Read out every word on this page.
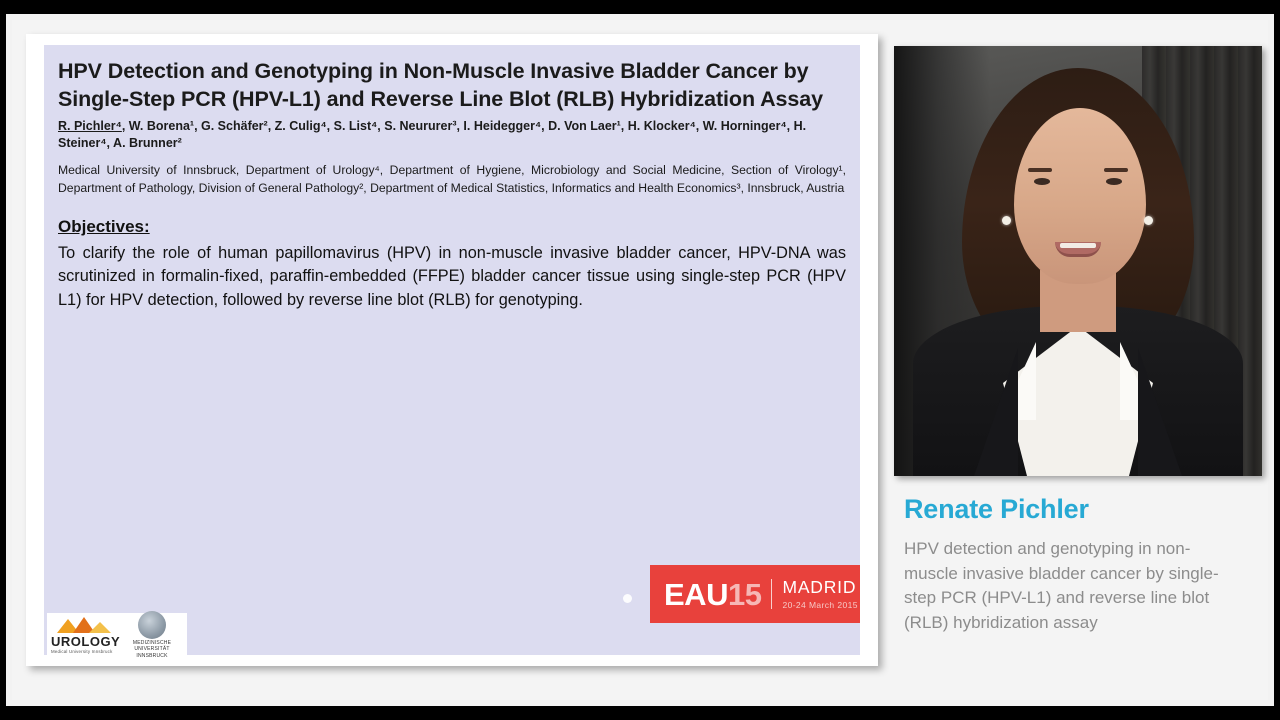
HPV Detection and Genotyping in Non-Muscle Invasive Bladder Cancer by Single-Step PCR (HPV-L1) and Reverse Line Blot (RLB) Hybridization Assay

R. Pichler⁴, W. Borena¹, G. Schäfer², Z. Culig⁴, S. List⁴, S. Neururer³, I. Heidegger⁴, D. Von Laer¹, H. Klocker⁴, W. Horninger⁴, H. Steiner⁴, A. Brunner²

Medical University of Innsbruck, Department of Urology⁴, Department of Hygiene, Microbiology and Social Medicine, Section of Virology¹, Department of Pathology, Division of General Pathology², Department of Medical Statistics, Informatics and Health Economics³, Innsbruck, Austria

Objectives:

To clarify the role of human papillomavirus (HPV) in non-muscle invasive bladder cancer, HPV-DNA was scrutinized in formalin-fixed, paraffin-embedded (FFPE) bladder cancer tissue using single-step PCR (HPV L1) for HPV detection, followed by reverse line blot (RLB) for genotyping.

EAU15 MADRID
20-24 March 2015
UROLOGY
Medical University Innsbruck
MEDIZINISCHE UNIVERSITÄT INNSBRUCK
Renate Pichler
HPV detection and genotyping in non-muscle invasive bladder cancer by single-step PCR (HPV-L1) and reverse line blot (RLB) hybridization assay
